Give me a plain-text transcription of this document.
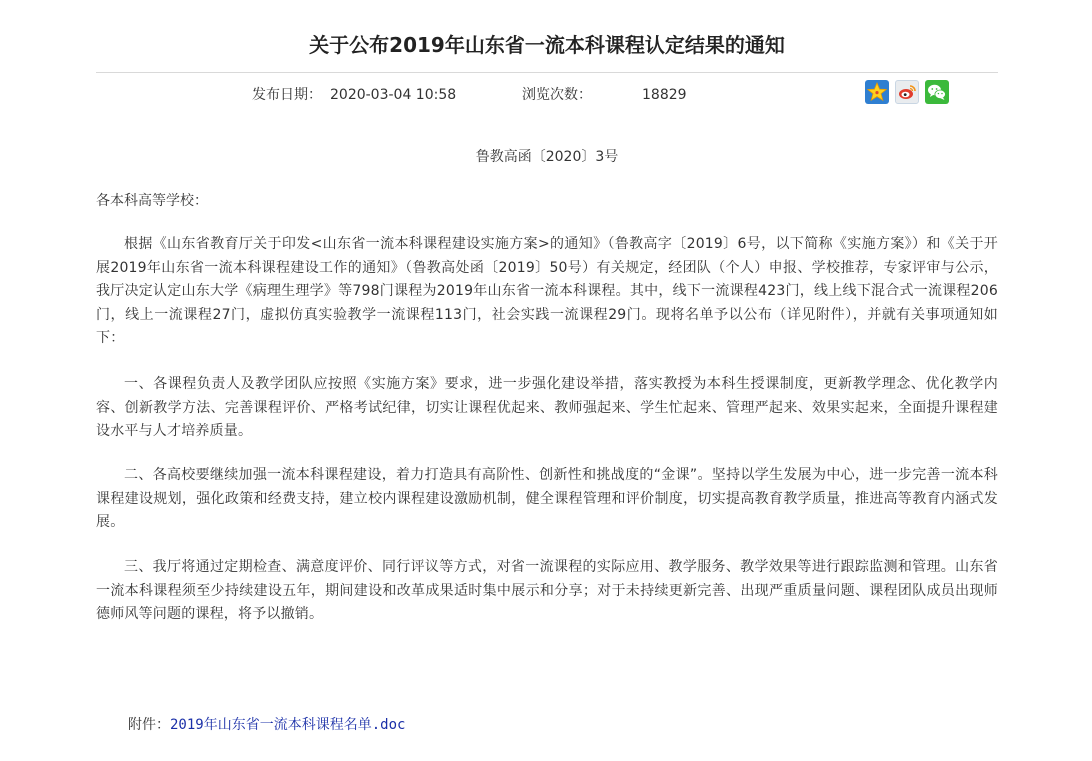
关于公布2019年山东省一流本科课程认定结果的通知
发布日期： 2020-03-04 10:58	浏览次数：	18829
鲁教高函〔2020〕3号

各本科高等学校：

根据《山东省教育厅关于印发<山东省一流本科课程建设实施方案>的通知》（鲁教高字〔2019〕6号，以下简称《实施方案》）和《关于开展2019年山东省一流本科课程建设工作的通知》（鲁教高处函〔2019〕50号）有关规定，经团队（个人）申报、学校推荐，专家评审与公示，我厅决定认定山东大学《病理生理学》等798门课程为2019年山东省一流本科课程。其中，线下一流课程423门，线上线下混合式一流课程206门，线上一流课程27门，虚拟仿真实验教学一流课程113门，社会实践一流课程29门。现将名单予以公布（详见附件），并就有关事项通知如下：

一、各课程负责人及教学团队应按照《实施方案》要求，进一步强化建设举措，落实教授为本科生授课制度，更新教学理念、优化教学内容、创新教学方法、完善课程评价、严格考试纪律，切实让课程优起来、教师强起来、学生忙起来、管理严起来、效果实起来，全面提升课程建设水平与人才培养质量。

二、各高校要继续加强一流本科课程建设，着力打造具有高阶性、创新性和挑战度的“金课”。坚持以学生发展为中心，进一步完善一流本科课程建设规划，强化政策和经费支持，建立校内课程建设激励机制，健全课程管理和评价制度，切实提高教育教学质量，推进高等教育内涵式发展。

三、我厅将通过定期检查、满意度评价、同行评议等方式，对省一流课程的实际应用、教学服务、教学效果等进行跟踪监测和管理。山东省一流本科课程须至少持续建设五年，期间建设和改革成果适时集中展示和分享；对于未持续更新完善、出现严重质量问题、课程团队成员出现师德师风等问题的课程，将予以撤销。

附件：2019年山东省一流本科课程名单.doc
